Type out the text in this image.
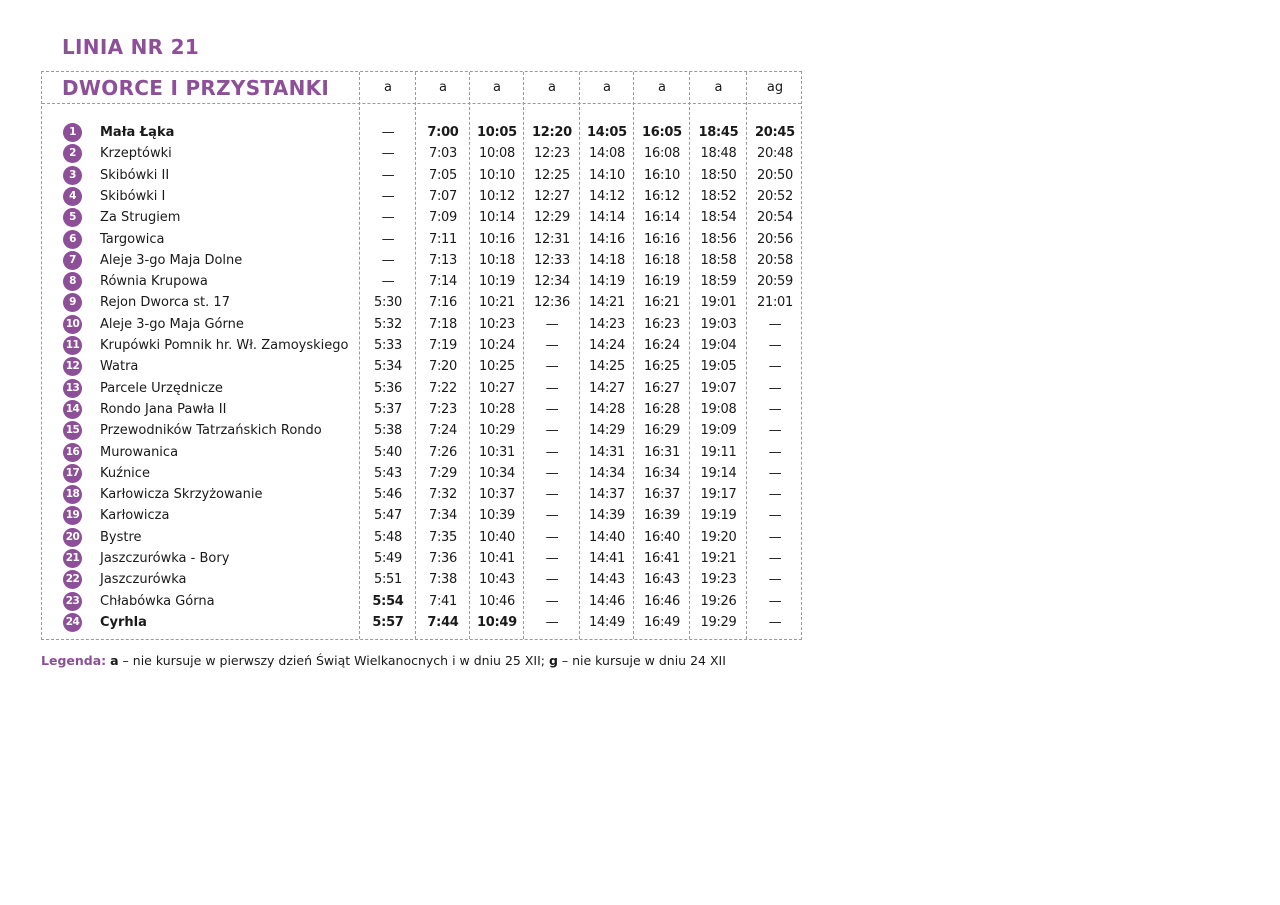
LINIA NR 21
DWORCE I PRZYSTANKI	a	a	a	a	a	a	a	ag
1	Mała Łąka	—	7:00	10:05	12:20	14:05	16:05	18:45	20:45
2	Krzeptówki	—	7:03	10:08	12:23	14:08	16:08	18:48	20:48
3	Skibówki II	—	7:05	10:10	12:25	14:10	16:10	18:50	20:50
4	Skibówki I	—	7:07	10:12	12:27	14:12	16:12	18:52	20:52
5	Za Strugiem	—	7:09	10:14	12:29	14:14	16:14	18:54	20:54
6	Targowica	—	7:11	10:16	12:31	14:16	16:16	18:56	20:56
7	Aleje 3-go Maja Dolne	—	7:13	10:18	12:33	14:18	16:18	18:58	20:58
8	Równia Krupowa	—	7:14	10:19	12:34	14:19	16:19	18:59	20:59
9	Rejon Dworca st. 17	5:30	7:16	10:21	12:36	14:21	16:21	19:01	21:01
10 Aleje 3-go Maja Górne	5:32	7:18	10:23	—	14:23	16:23	19:03	—
11 Krupówki Pomnik hr. Wł. Zamoyskiego	5:33	7:19	10:24	—	14:24	16:24	19:04	—
12 Watra	5:34	7:20	10:25	—	14:25	16:25	19:05	—
13 Parcele Urzędnicze	5:36	7:22	10:27	—	14:27	16:27	19:07	—
14 Rondo Jana Pawła II	5:37	7:23	10:28	—	14:28	16:28	19:08	—
15 Przewodników Tatrzańskich Rondo	5:38	7:24	10:29	—	14:29	16:29	19:09	—
16 Murowanica	5:40	7:26	10:31	—	14:31	16:31	19:11	—
17 Kuźnice	5:43	7:29	10:34	—	14:34	16:34	19:14	—
18 Karłowicza Skrzyżowanie	5:46	7:32	10:37	—	14:37	16:37	19:17	—
19 Karłowicza	5:47	7:34	10:39	—	14:39	16:39	19:19	—
20 Bystre	5:48	7:35	10:40	—	14:40	16:40	19:20	—
21 Jaszczurówka - Bory	5:49	7:36	10:41	—	14:41	16:41	19:21	—
22 Jaszczurówka	5:51	7:38	10:43	—	14:43	16:43	19:23	—
23 Chłabówka Górna	5:54	7:41	10:46	—	14:46	16:46	19:26	—
24 Cyrhla	5:57	7:44	10:49	—	14:49	16:49	19:29	—
Legenda: a – nie kursuje w pierwszy dzień Świąt Wielkanocnych i w dniu 25 XII; g – nie kursuje w dniu 24 XII
